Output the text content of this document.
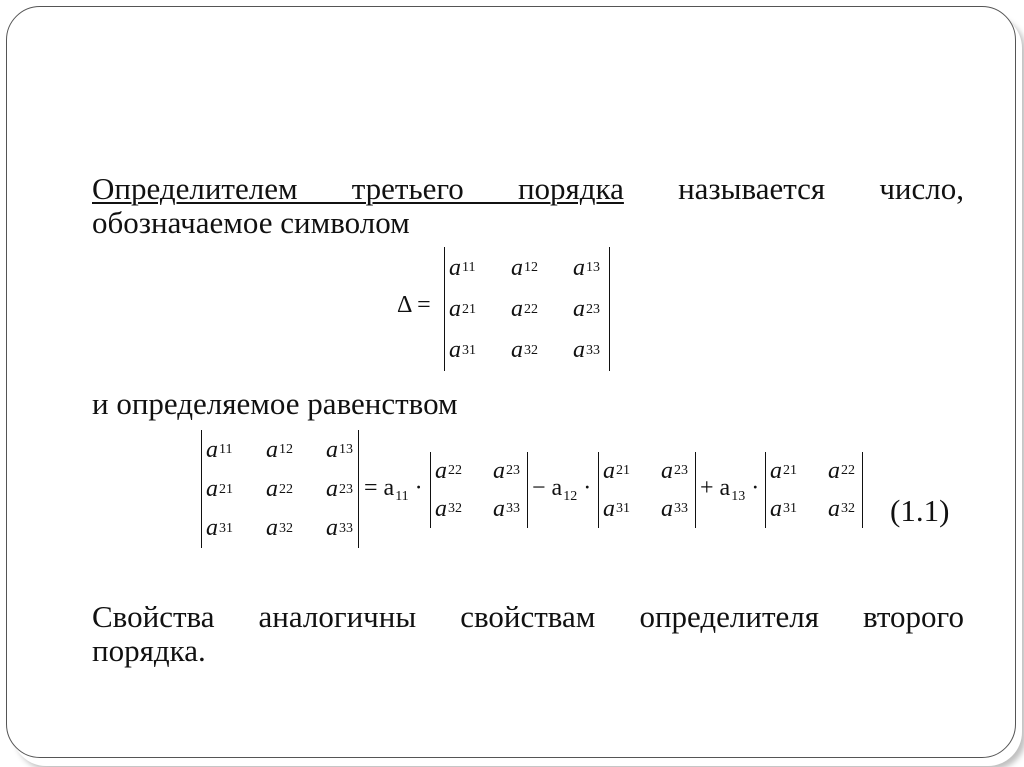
Определителем третьего порядка называется число,
обозначаемое символом

Δ =
a 11 a 12 a 13
a 21 a 22 a 23
a 31 a 32 a 33

и определяемое равенством

a 11 a 12 a 13
a 21 a 22 a 23
a 31 a 32 a 33
= $a_{11}$ ·
a 22 a 23
a 32 a 33
− $a_{12}$ ·
a 21 a 23
a 31 a 33
+ $a_{13}$ ·
a 21 a 22
a 31 a 32 (1.1)

Свойства аналогичны свойствам определителя второго
порядка.
